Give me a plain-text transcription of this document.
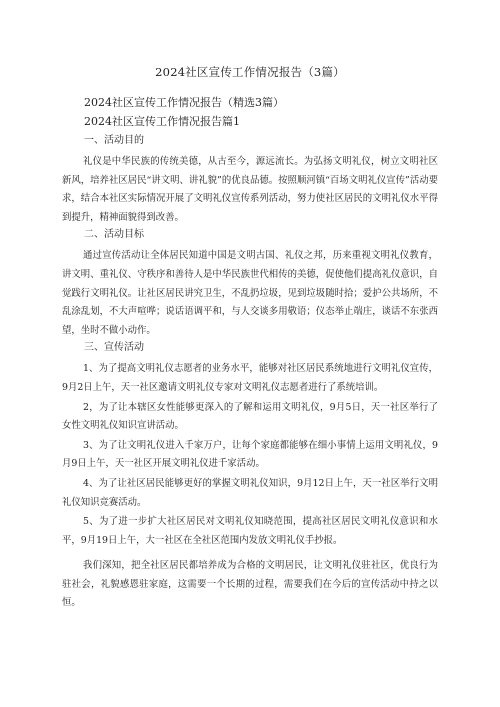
2024社区宣传工作情况报告（3篇）
2024社区宣传工作情况报告（精选3篇）
2024社区宣传工作情况报告篇1
一、活动目的
礼仪是中华民族的传统美德，从古至今，源远流长。为弘扬文明礼仪，树立文明社区新风，培养社区居民“讲文明、讲礼貌”的优良品德。按照顺河镇“百场文明礼仪宣传”活动要求，结合本社区实际情况开展了文明礼仪宣传系列活动，努力使社区居民的文明礼仪水平得到提升，精神面貌得到改善。
二、活动目标
通过宣传活动让全体居民知道中国是文明古国、礼仪之邦，历来重视文明礼仪教育，讲文明、重礼仪、守秩序和善待人是中华民族世代相传的美德，促使他们提高礼仪意识，自觉践行文明礼仪。让社区居民讲究卫生，不乱扔垃圾，见到垃圾随时拾；爱护公共场所，不乱涂乱划，不大声喧哗；说话语调平和，与人交谈多用敬语；仪态举止端庄，谈话不东张西望，坐时不做小动作。
三、宣传活动
1、为了提高文明礼仪志愿者的业务水平，能够对社区居民系统地进行文明礼仪宣传，9月2日上午，天一社区邀请文明礼仪专家对文明礼仪志愿者进行了系统培训。
2，为了让本辖区女性能够更深入的了解和运用文明礼仪，9月5日，天一社区举行了女性文明礼仪知识宣讲活动。
3、为了让文明礼仪进入千家万户，让每个家庭都能够在细小事情上运用文明礼仪，9月9日上午，天一社区开展文明礼仪进千家活动。
4、为了让社区居民能够更好的掌握文明礼仪知识，9月12日上午，天一社区举行文明礼仪知识竞赛活动。
5、为了进一步扩大社区居民对文明礼仪知晓范围，提高社区居民文明礼仪意识和水平，9月19日上午，大一社区在全社区范围内发放文明礼仪手抄报。
我们深知，把全社区居民都培养成为合格的文明居民，让文明礼仪驻社区，优良行为驻社会，礼貌感恩驻家庭，这需要一个长期的过程，需要我们在今后的宣传活动中持之以恒。
